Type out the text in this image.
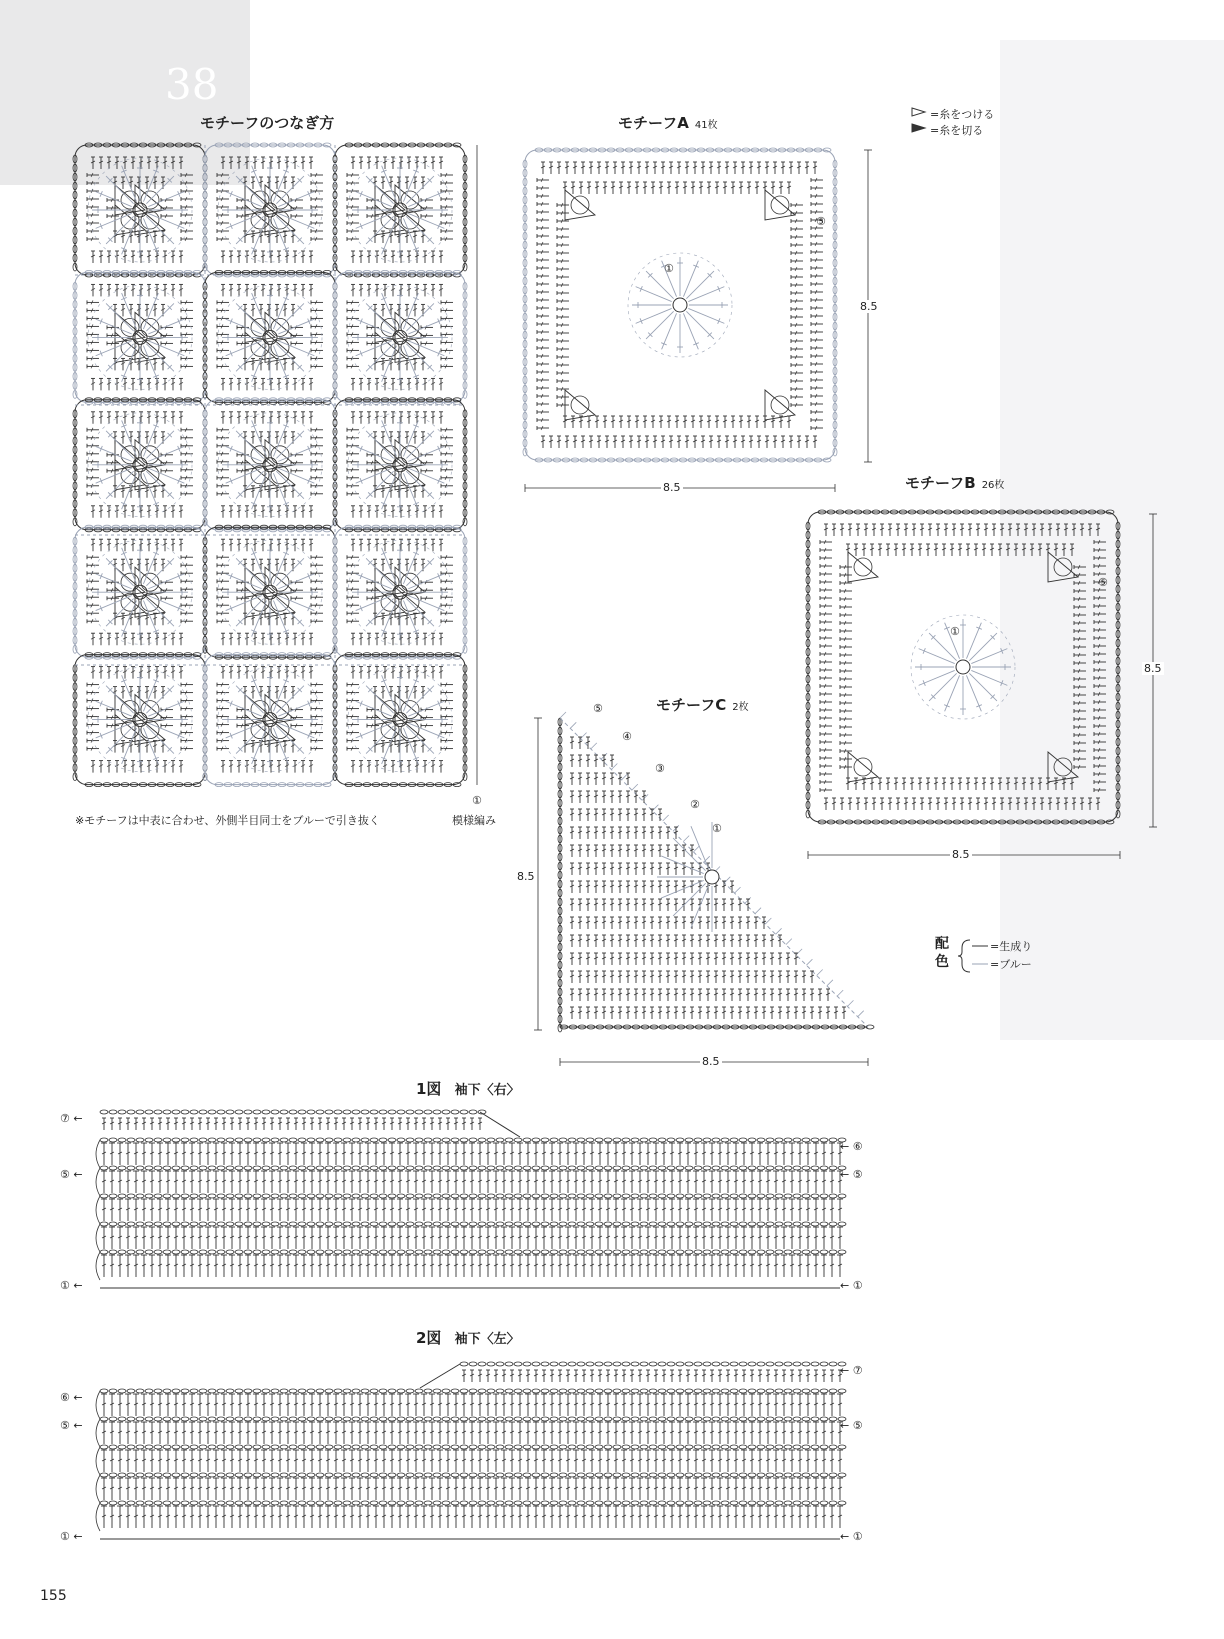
38
モチーフのつなぎ方
※モチーフは中表に合わせ、外側半目同士をブルーで引き抜く
①
模様編み
モチーフA 41枚
8.5
8.5
①
⑤
=糸をつける
=糸を切る
モチーフB 26枚
8.5
8.5
①
⑤
モチーフC 2枚
8.5
8.5
⑤
④
③
②
①
配色
=生成り
=ブルー
1図 袖下〈右〉
⑦ ←
⑤ ←
① ←
← ⑥
← ⑤
← ①
2図 袖下〈左〉
⑥ ←
⑤ ←
① ←
← ⑦
← ⑤
← ①
155
